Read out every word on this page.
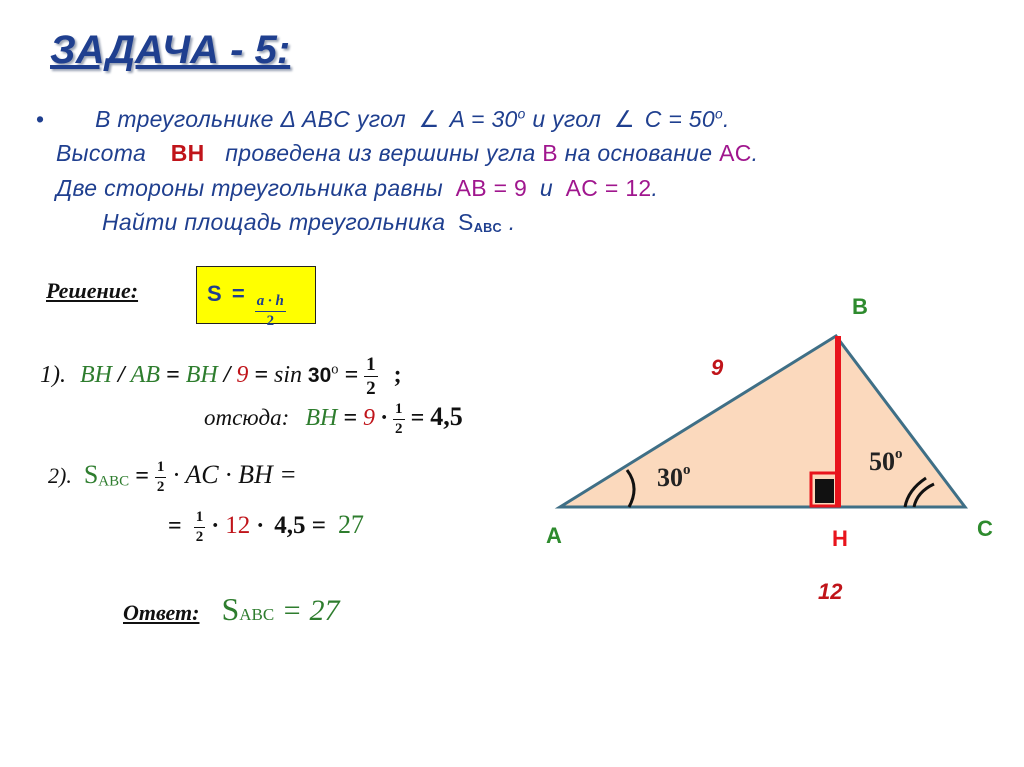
ЗАДАЧА - 5:
• В треугольнике Δ ABC угол ∠ $A = 30^o$ и угол ∠ $C = 50^o$.
Высота BH проведена из вершины угла B на основание AC.
Две стороны треугольника равны AB = 9 и AC = 12.
Найти площадь треугольника SABC .
Решение:	S =
$\frac{a \cdot h}{2}$
1). BH / AB = BH / $9 = \sin 30^o = \frac{1}{2}$ ;
отсюда: BH = $9 \cdot \frac{1}{2} = 4,5$
2). SABC = $\frac{1}{2}$ · AC · BH =
= $\frac{1}{2} \cdot 12 \cdot 4,5 = 27$
Ответ: SABC = 27
30$^o$	50$^o$
B
A	C
H
9
12
